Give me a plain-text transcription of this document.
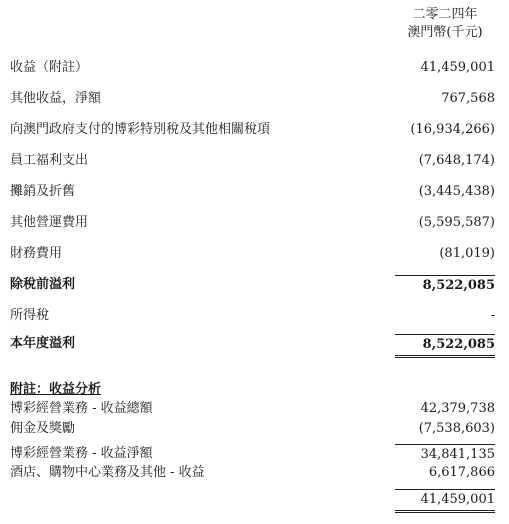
二零二四年
澳門幣(千元)
收益（附註）	41,459,001
其他收益，淨額	767,568
向澳門政府支付的博彩特別稅及其他相關稅項	(16,934,266)
員工福利支出	(7,648,174)
攤銷及折舊	(3,445,438)
其他營運費用	(5,595,587)
財務費用	(81,019)
除稅前溢利	8,522,085
所得稅	-
本年度溢利	8,522,085
附註：收益分析
博彩經營業務 - 收益總額	42,379,738
佣金及獎勵	(7,538,603)
博彩經營業務 - 收益淨額	34,841,135
酒店、購物中心業務及其他 - 收益	6,617,866
41,459,001
